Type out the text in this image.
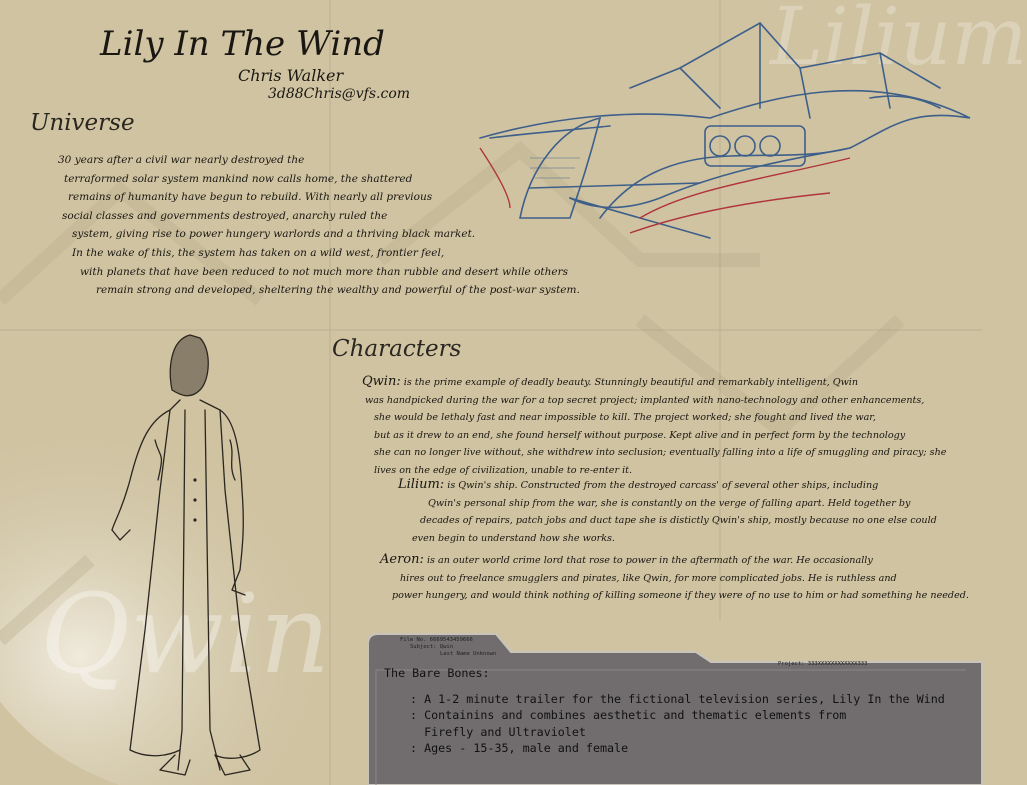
Qwin
Lilium
Lily In The Wind
Chris Walker
3d88Chris@vfs.com
Universe
30 years after a civil war nearly destroyed the
terraformed solar system mankind now calls home, the shattered
remains of humanity have begun to rebuild. With nearly all previous
social classes and governments destroyed, anarchy ruled the
system, giving rise to power hungery warlords and a thriving black market.
In the wake of this, the system has taken on a wild west, frontier feel,
with planets that have been reduced to not much more than rubble and desert while others
remain strong and developed, sheltering the wealthy and powerful of the post-war system.
Characters
Qwin: is the prime example of deadly beauty. Stunningly beautiful and remarkably intelligent, Qwin
was handpicked during the war for a top secret project; implanted with nano-technology and other enhancements,
she would be lethaly fast and near impossible to kill. The project worked; she fought and lived the war,
but as it drew to an end, she found herself without purpose. Kept alive and in perfect form by the technology
she can no longer live without, she withdrew into seclusion; eventually falling into a life of smuggling and piracy; she
lives on the edge of civilization, unable to re-enter it.
Lilium: is Qwin's ship. Constructed from the destroyed carcass' of several other ships, including
Qwin's personal ship from the war, she is constantly on the verge of falling apart. Held together by
decades of repairs, patch jobs and duct tape she is distictly Qwin's ship, mostly because no one else could
even begin to understand how she works.
Aeron: is an outer world crime lord that rose to power in the aftermath of the war. He occasionally
hires out to freelance smugglers and pirates, like Qwin, for more complicated jobs. He is ruthless and
power hungery, and would think nothing of killing someone if they were of no use to him or had something he needed.
File No. 6669543459666
Subject: Qwin
Last Name Unknown
Project: 333XXXXXXXXXXXX333
The Bare Bones:
: A 1-2 minute trailer for the fictional television series, Lily In the Wind
: Containins and combines aesthetic and thematic elements from
Firefly and Ultraviolet
: Ages - 15-35, male and female
